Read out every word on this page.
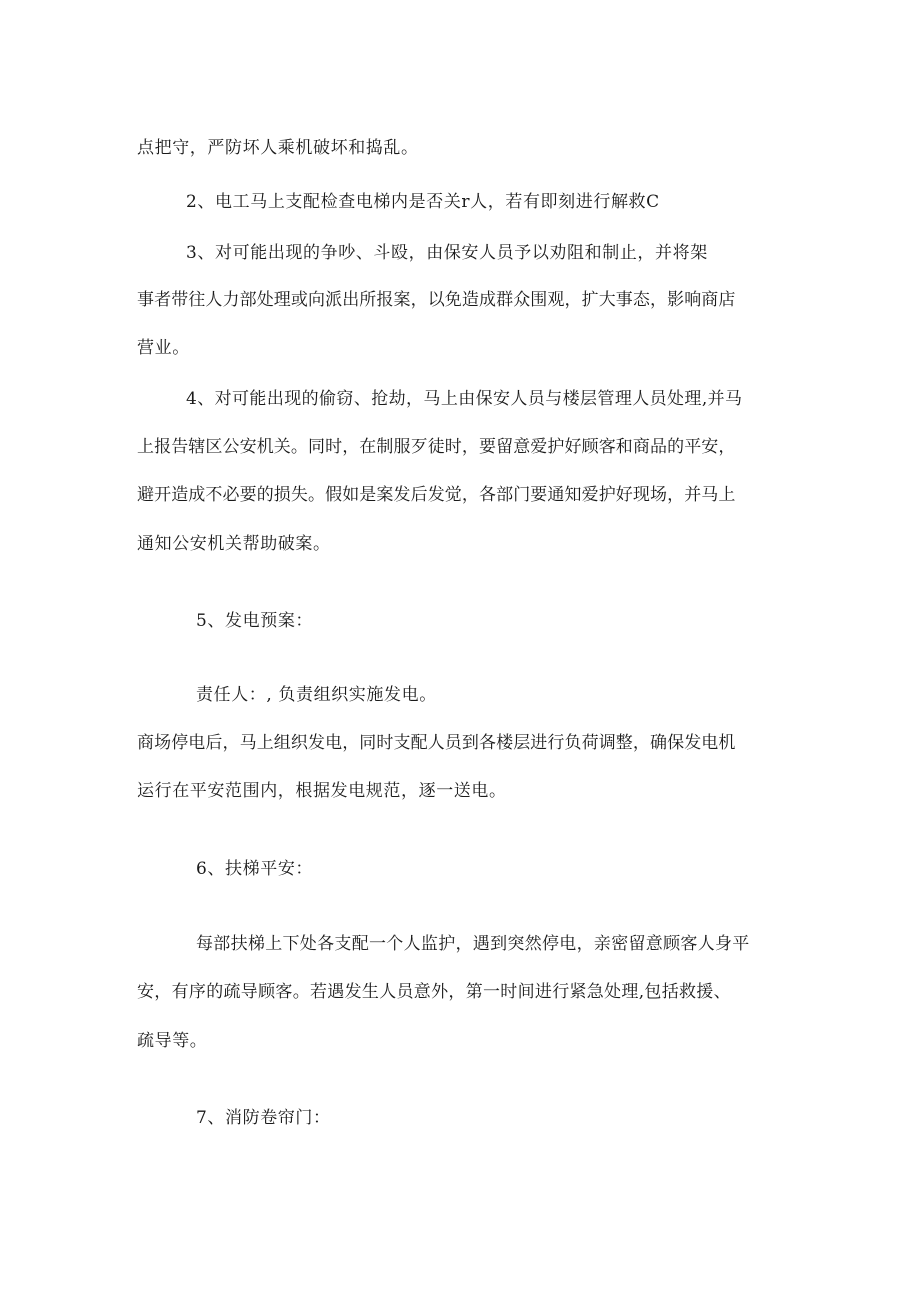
点把守，严防坏人乘机破坏和捣乱。
2、电工马上支配检查电梯内是否关r人，若有即刻进行解救C
3、对可能出现的争吵、斗殴，由保安人员予以劝阻和制止，并将架
事者带往人力部处理或向派出所报案，以免造成群众围观，扩大事态，影响商店
营业。
4、对可能出现的偷窃、抢劫，马上由保安人员与楼层管理人员处理,并马
上报告辖区公安机关。同时，在制服歹徒时，要留意爱护好顾客和商品的平安，
避开造成不必要的损失。假如是案发后发觉，各部门要通知爱护好现场，并马上
通知公安机关帮助破案。
5、发电预案：
责任人：, 负责组织实施发电。
商场停电后，马上组织发电，同时支配人员到各楼层进行负荷调整，确保发电机
运行在平安范围内，根据发电规范，逐一送电。
6、扶梯平安：
每部扶梯上下处各支配一个人监护，遇到突然停电，亲密留意顾客人身平
安，有序的疏导顾客。若遇发生人员意外，第一时间进行紧急处理,包括救援、
疏导等。
7、消防卷帘门：
